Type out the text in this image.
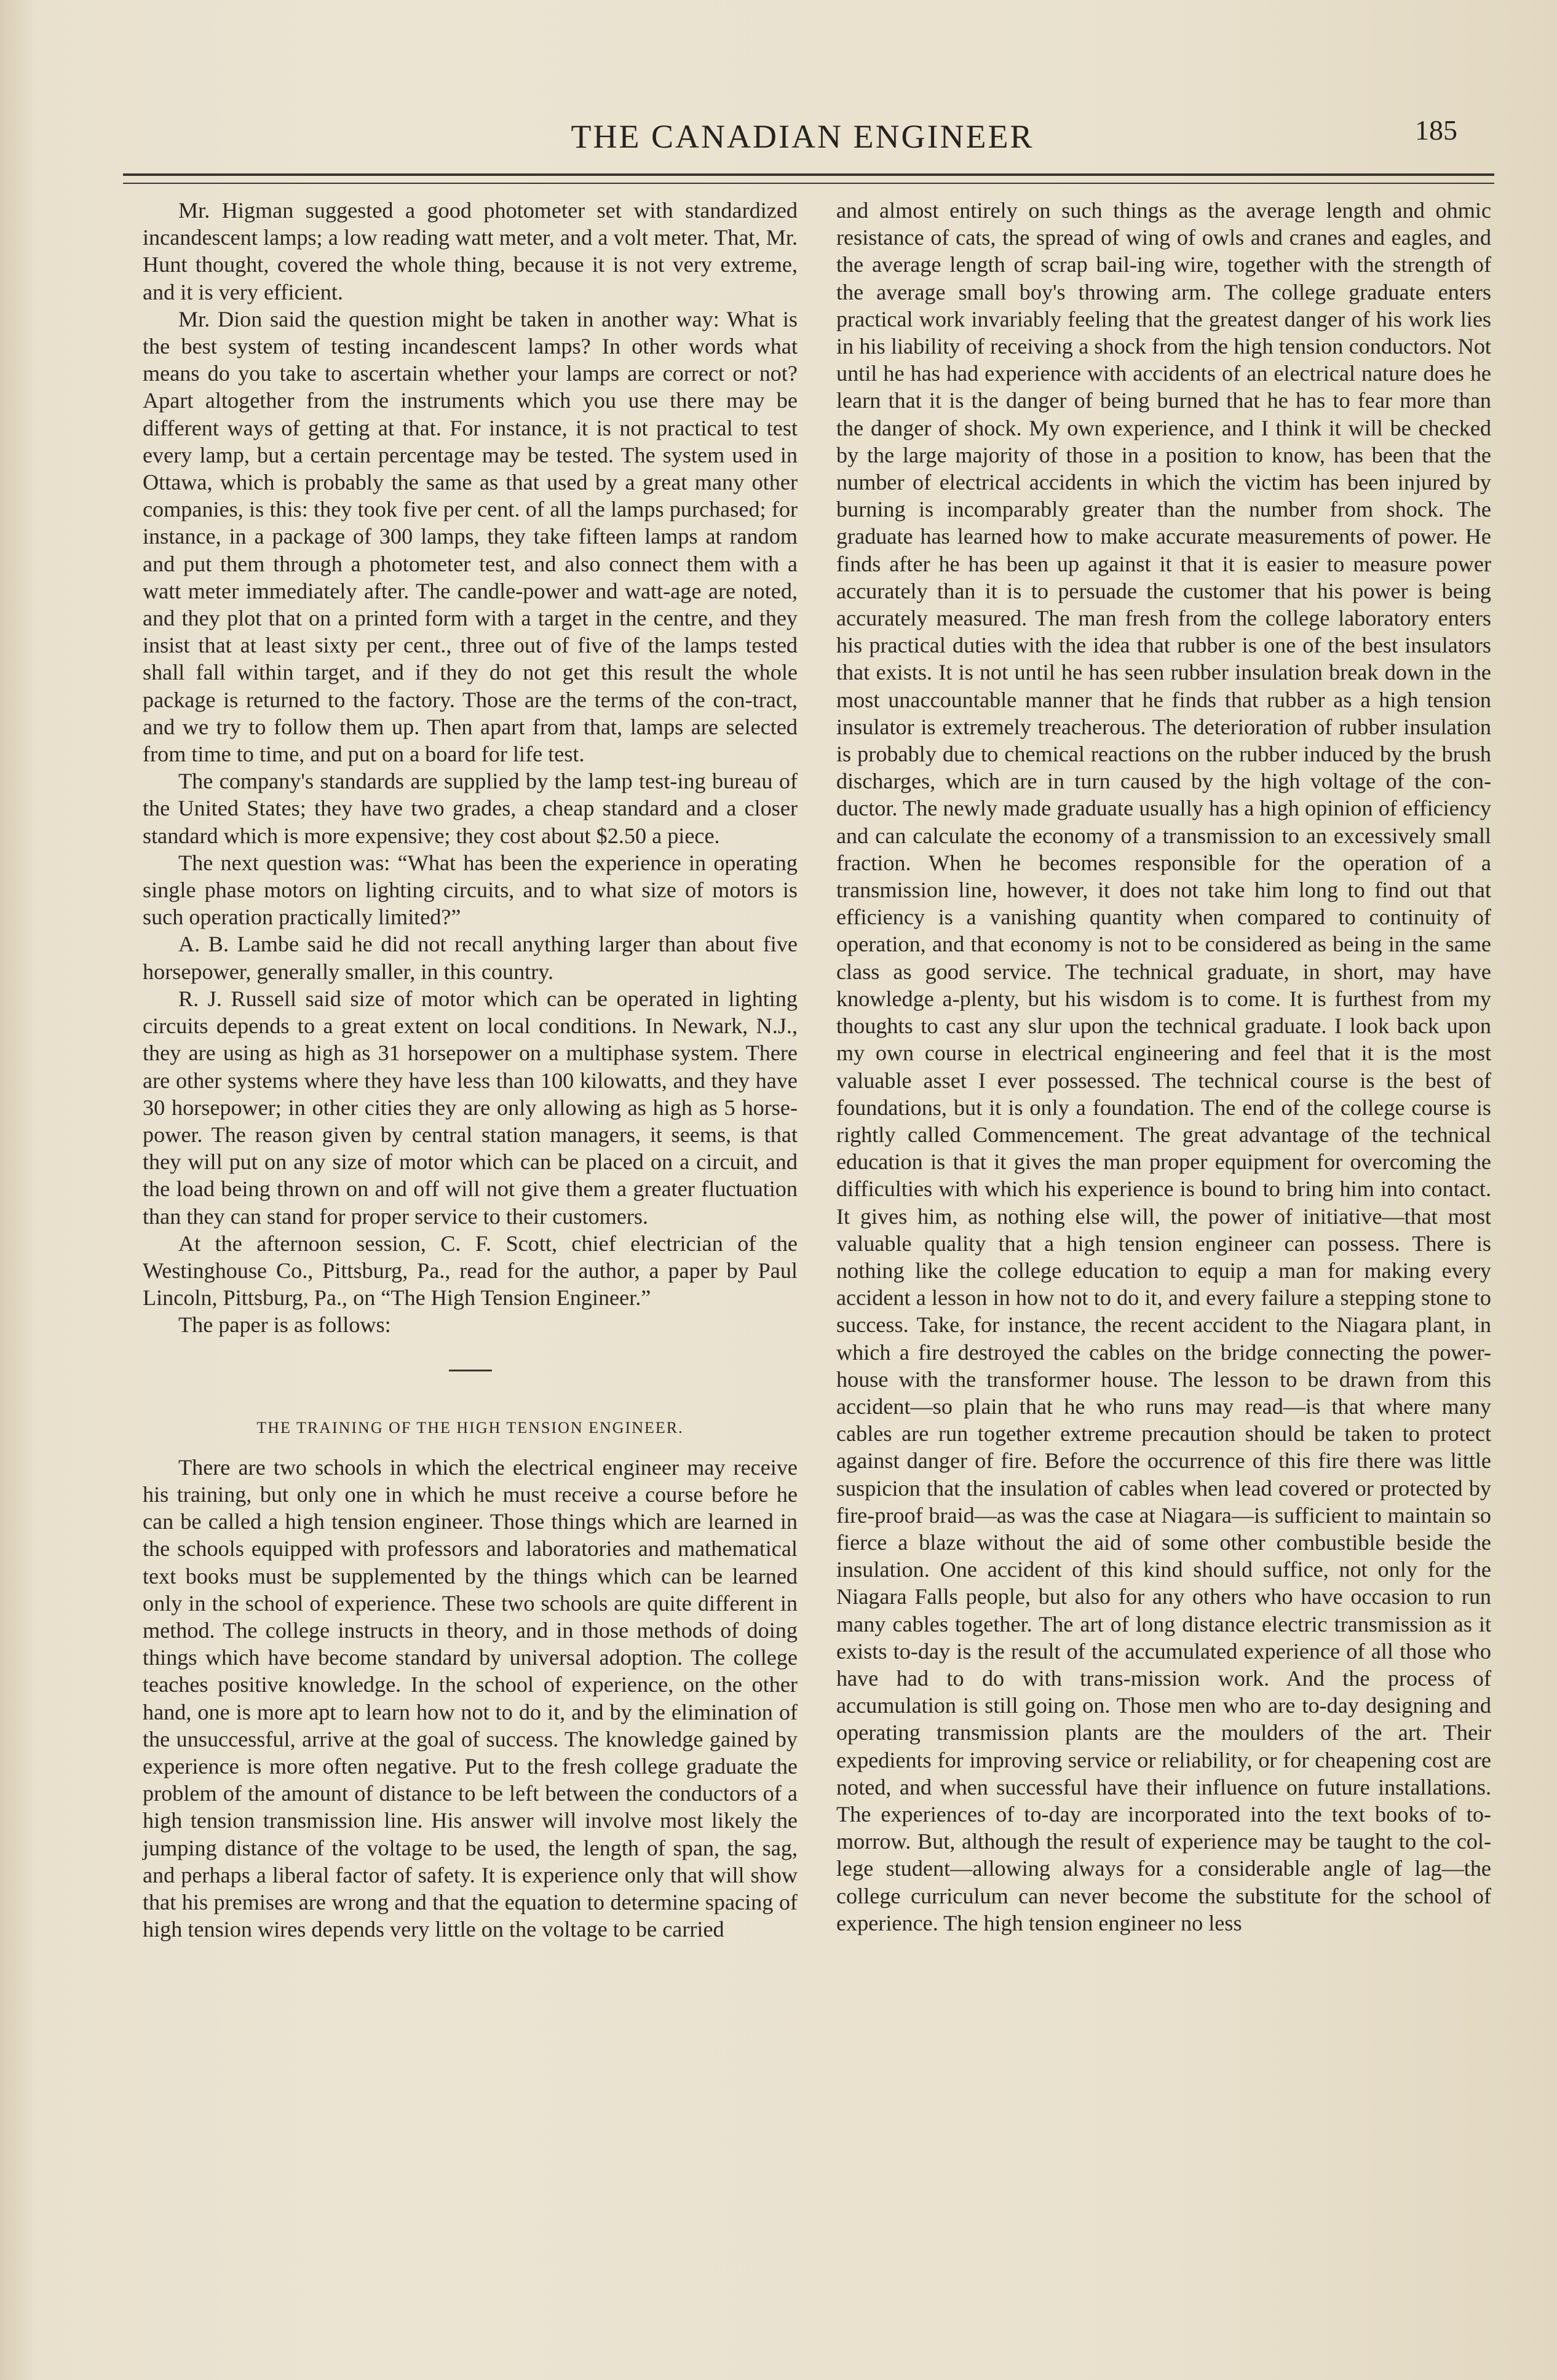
THE CANADIAN ENGINEER	185

Mr. Higman suggested a good photometer set with standardized incandescent lamps; a low reading watt meter, and a volt meter. That, Mr. Hunt thought, covered the whole thing, because it is not very extreme, and it is very efficient.

Mr. Dion said the question might be taken in another way: What is the best system of testing incandescent lamps? In other words what means do you take to ascertain whether your lamps are correct or not? Apart altogether from the instruments which you use there may be different ways of getting at that. For instance, it is not practical to test every lamp, but a certain percentage may be tested. The system used in Ottawa, which is probably the same as that used by a great many other companies, is this: they took five per cent. of all the lamps purchased; for instance, in a package of 300 lamps, they take fifteen lamps at random and put them through a photometer test, and also connect them with a watt meter immediately after. The candle-power and watt-age are noted, and they plot that on a printed form with a target in the centre, and they insist that at least sixty per cent., three out of five of the lamps tested shall fall within target, and if they do not get this result the whole package is returned to the factory. Those are the terms of the con-tract, and we try to follow them up. Then apart from that, lamps are selected from time to time, and put on a board for life test.

The company's standards are supplied by the lamp test-ing bureau of the United States; they have two grades, a cheap standard and a closer standard which is more expensive; they cost about $2.50 a piece.

The next question was: “What has been the experience in operating single phase motors on lighting circuits, and to what size of motors is such operation practically limited?”

A. B. Lambe said he did not recall anything larger than about five horsepower, generally smaller, in this country.

R. J. Russell said size of motor which can be operated in lighting circuits depends to a great extent on local conditions. In Newark, N.J., they are using as high as 31 horsepower on a multiphase system. There are other systems where they have less than 100 kilowatts, and they have 30 horsepower; in other cities they are only allowing as high as 5 horse-power. The reason given by central station managers, it seems, is that they will put on any size of motor which can be placed on a circuit, and the load being thrown on and off will not give them a greater fluctuation than they can stand for proper service to their customers.

At the afternoon session, C. F. Scott, chief electrician of the Westinghouse Co., Pittsburg, Pa., read for the author, a paper by Paul Lincoln, Pittsburg, Pa., on “The High Tension Engineer.”

The paper is as follows:

THE TRAINING OF THE HIGH TENSION ENGINEER.

There are two schools in which the electrical engineer may receive his training, but only one in which he must receive a course before he can be called a high tension engineer. Those things which are learned in the schools equipped with professors and laboratories and mathematical text books must be supplemented by the things which can be learned only in the school of experience. These two schools are quite different in method. The college instructs in theory, and in those methods of doing things which have become standard by universal adoption. The college teaches positive knowledge. In the school of experience, on the other hand, one is more apt to learn how not to do it, and by the elimination of the unsuccessful, arrive at the goal of success. The knowledge gained by experience is more often negative. Put to the fresh college graduate the problem of the amount of distance to be left between the conductors of a high tension transmission line. His answer will involve most likely the jumping distance of the voltage to be used, the length of span, the sag, and perhaps a liberal factor of safety. It is experience only that will show that his premises are wrong and that the equation to determine spacing of high tension wires depends very little on the voltage to be carried

and almost entirely on such things as the average length and ohmic resistance of cats, the spread of wing of owls and cranes and eagles, and the average length of scrap bail-ing wire, together with the strength of the average small boy's throwing arm. The college graduate enters practical work invariably feeling that the greatest danger of his work lies in his liability of receiving a shock from the high tension conductors. Not until he has had experience with accidents of an electrical nature does he learn that it is the danger of being burned that he has to fear more than the danger of shock. My own experience, and I think it will be checked by the large majority of those in a position to know, has been that the number of electrical accidents in which the victim has been injured by burning is incomparably greater than the number from shock. The graduate has learned how to make accurate measurements of power. He finds after he has been up against it that it is easier to measure power accurately than it is to persuade the customer that his power is being accurately measured. The man fresh from the college laboratory enters his practical duties with the idea that rubber is one of the best insulators that exists. It is not until he has seen rubber insulation break down in the most unaccountable manner that he finds that rubber as a high tension insulator is extremely treacherous. The deterioration of rubber insulation is probably due to chemical reactions on the rubber induced by the brush discharges, which are in turn caused by the high voltage of the con-ductor. The newly made graduate usually has a high opinion of efficiency and can calculate the economy of a transmission to an excessively small fraction. When he becomes responsible for the operation of a transmission line, however, it does not take him long to find out that efficiency is a vanishing quantity when compared to continuity of operation, and that economy is not to be considered as being in the same class as good service. The technical graduate, in short, may have knowledge a-plenty, but his wisdom is to come. It is furthest from my thoughts to cast any slur upon the technical graduate. I look back upon my own course in electrical engineering and feel that it is the most valuable asset I ever possessed. The technical course is the best of foundations, but it is only a foundation. The end of the college course is rightly called Commencement. The great advantage of the technical education is that it gives the man proper equipment for overcoming the difficulties with which his experience is bound to bring him into contact. It gives him, as nothing else will, the power of initiative—that most valuable quality that a high tension engineer can possess. There is nothing like the college education to equip a man for making every accident a lesson in how not to do it, and every failure a stepping stone to success. Take, for instance, the recent accident to the Niagara plant, in which a fire destroyed the cables on the bridge connecting the power-house with the transformer house. The lesson to be drawn from this accident—so plain that he who runs may read—is that where many cables are run together extreme precaution should be taken to protect against danger of fire. Before the occurrence of this fire there was little suspicion that the insulation of cables when lead covered or protected by fire-proof braid—as was the case at Niagara—is sufficient to maintain so fierce a blaze without the aid of some other combustible beside the insulation. One accident of this kind should suffice, not only for the Niagara Falls people, but also for any others who have occasion to run many cables together. The art of long distance electric transmission as it exists to-day is the result of the accumulated experience of all those who have had to do with trans-mission work. And the process of accumulation is still going on. Those men who are to-day designing and operating transmission plants are the moulders of the art. Their expedients for improving service or reliability, or for cheapening cost are noted, and when successful have their influence on future installations. The experiences of to-day are incorporated into the text books of to-morrow. But, although the result of experience may be taught to the col-lege student—allowing always for a considerable angle of lag—the college curriculum can never become the substitute for the school of experience. The high tension engineer no less
